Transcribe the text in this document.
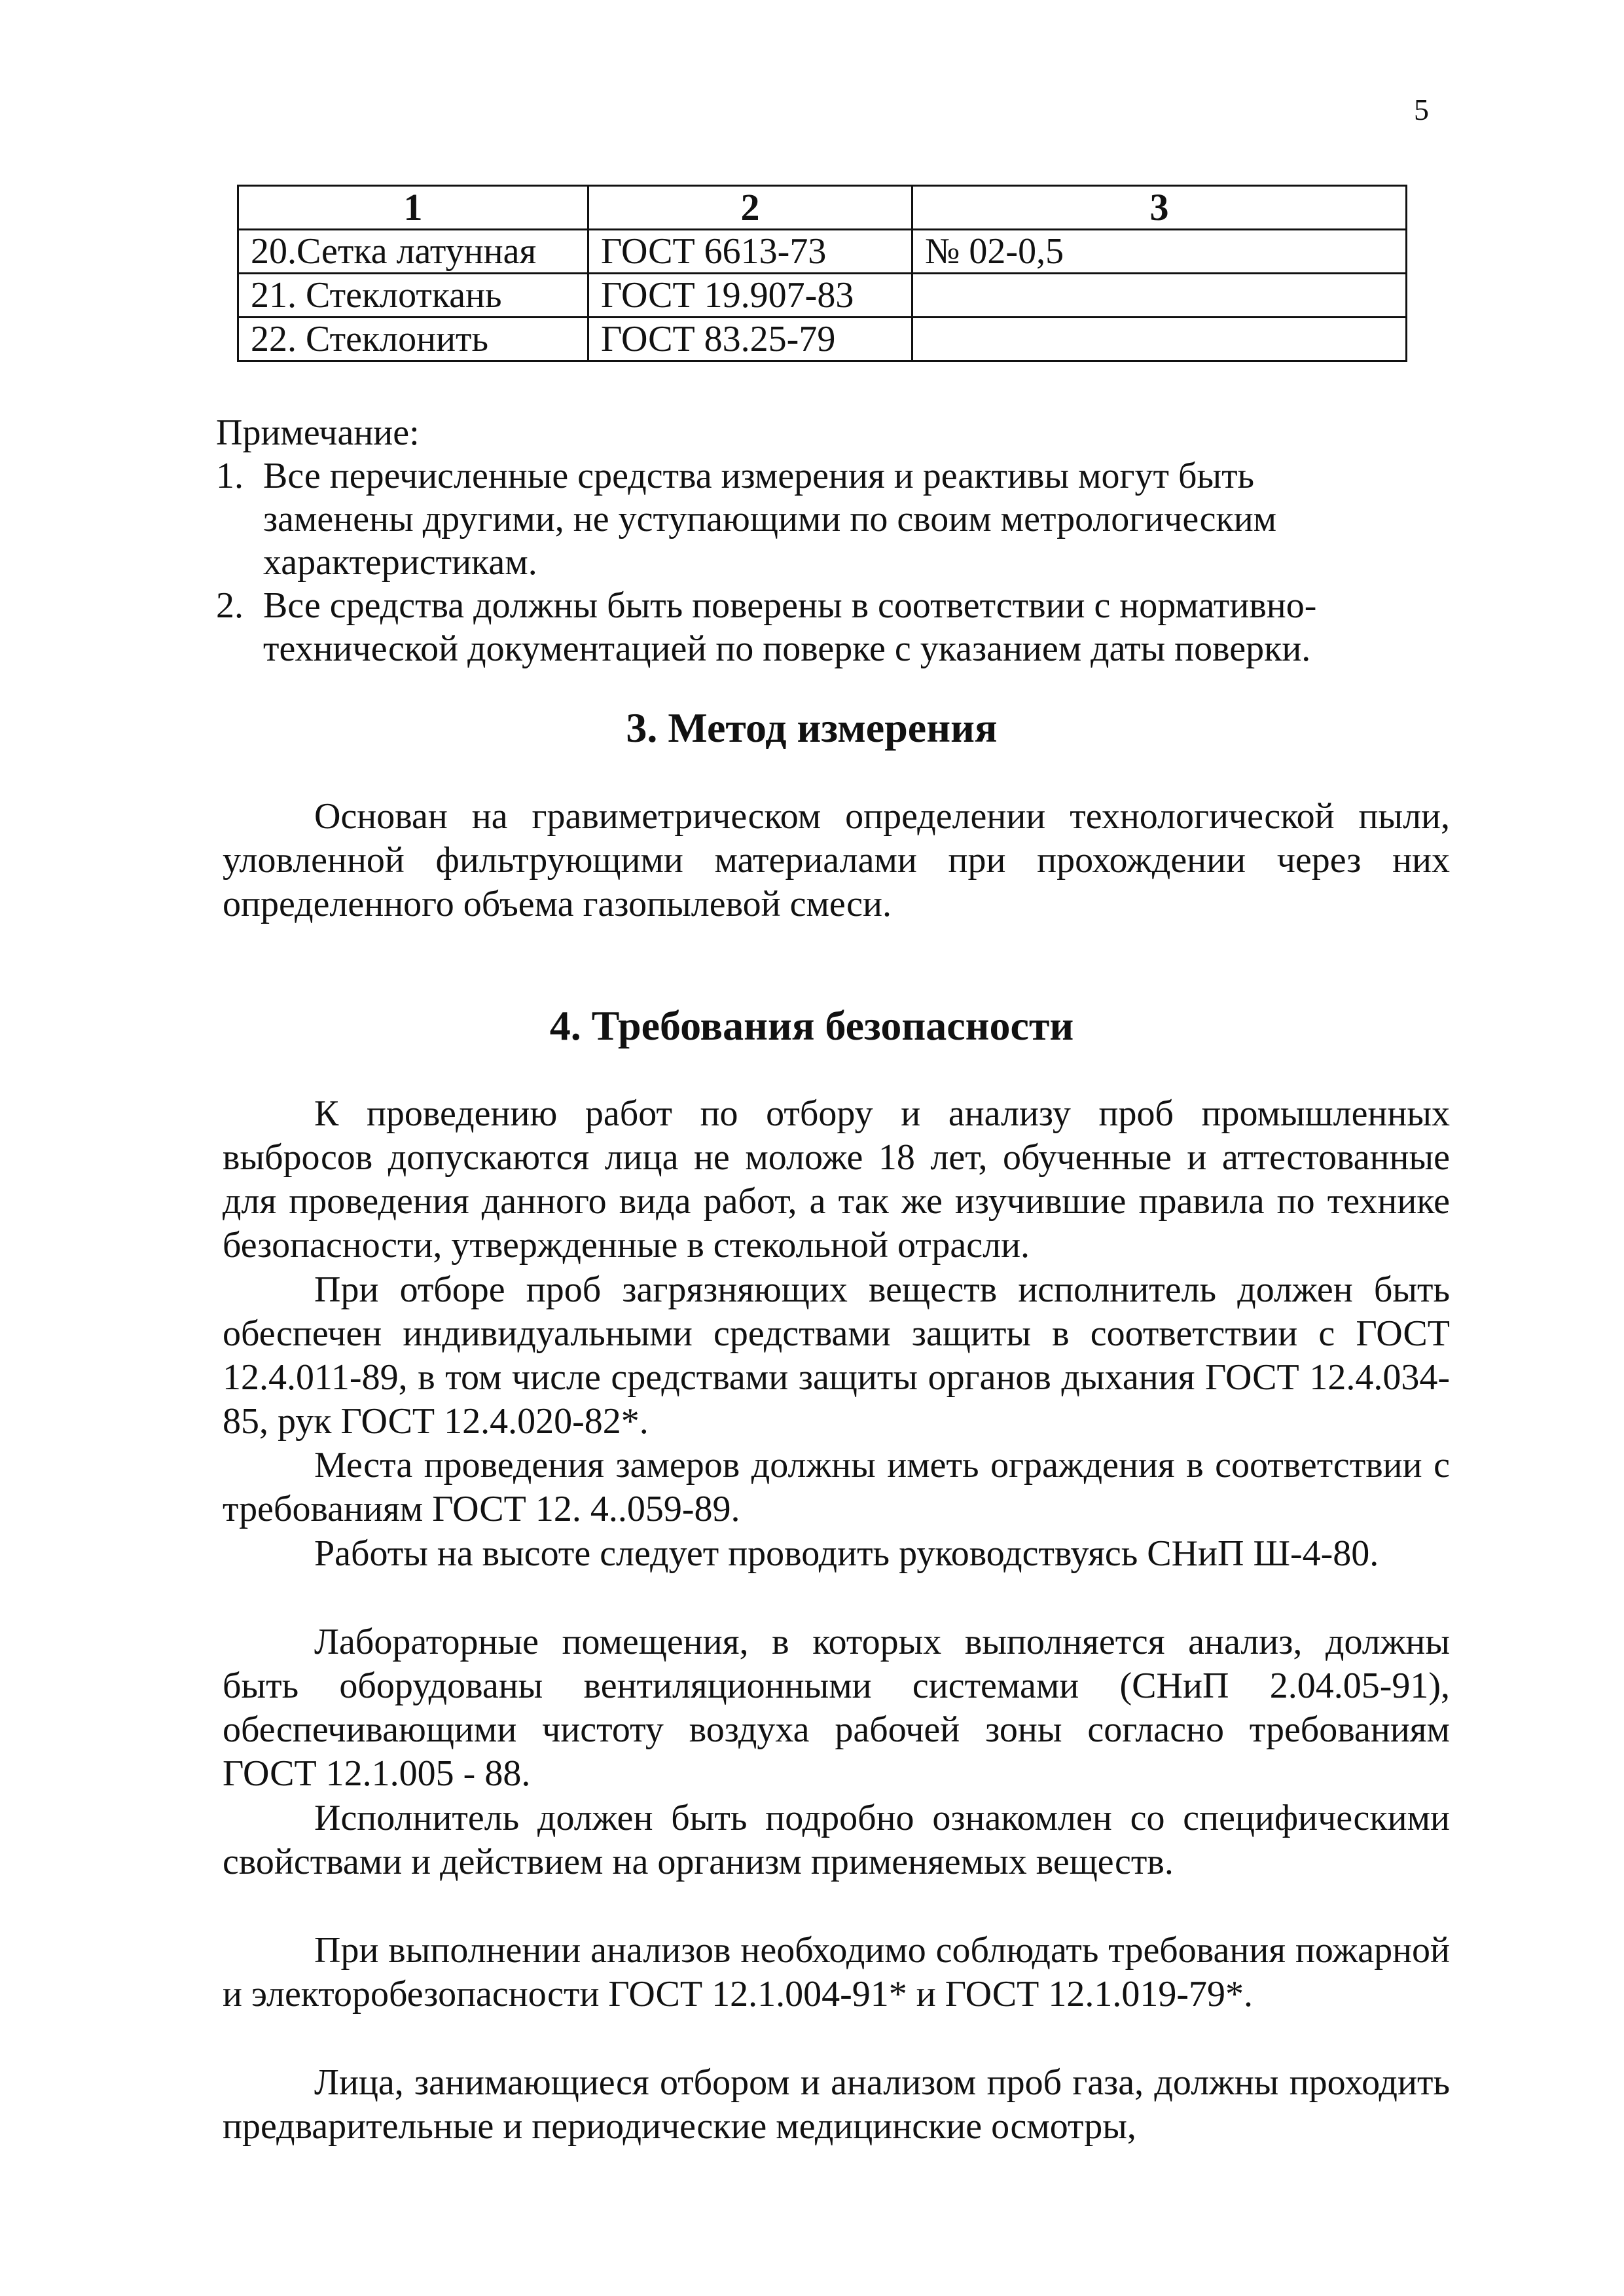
5
1	2	3
20.Сетка латунная	ГОСТ 6613-73	№ 02-0,5
21. Стеклоткань	ГОСТ 19.907-83	
22. Стеклонить	ГОСТ 83.25-79	
Примечание:
1. Все перечисленные средства измерения и реактивы могут быть заменены другими, не уступающими по своим метрологическим характеристикам.
2. Все средства должны быть поверены в соответствии с нормативно-технической документацией по поверке с указанием даты поверки.
3. Метод измерения

Основан на гравиметрическом определении технологической пыли, уловленной фильтрующими материалами при прохождении через них определенного объема газопылевой смеси.

4. Требования безопасности

К проведению работ по отбору и анализу проб промышленных выбросов допускаются лица не моложе 18 лет, обученные и аттестованные для проведения данного вида работ, а так же изучившие правила по технике безопасности, утвержденные в стекольной отрасли.

При отборе проб загрязняющих веществ исполнитель должен быть обеспечен индивидуальными средствами защиты в соответствии с ГОСТ 12.4.011-89, в том числе средствами защиты органов дыхания ГОСТ 12.4.034-85, рук ГОСТ 12.4.020-82*.

Места проведения замеров должны иметь ограждения в соответствии с требованиям ГОСТ 12. 4..059-89.

Работы на высоте следует проводить руководствуясь СНиП Ш-4-80.

Лабораторные помещения, в которых выполняется анализ, должны быть оборудованы вентиляционными системами (СНиП 2.04.05-91), обеспечивающими чистоту воздуха рабочей зоны согласно требованиям ГОСТ 12.1.005 - 88.

Исполнитель должен быть подробно ознакомлен со специфическими свойствами и действием на организм применяемых веществ.

При выполнении анализов необходимо соблюдать требования пожарной и электоробезопасности ГОСТ 12.1.004-91* и ГОСТ 12.1.019-79*.

Лица, занимающиеся отбором и анализом проб газа, должны проходить предварительные и периодические медицинские осмотры,
